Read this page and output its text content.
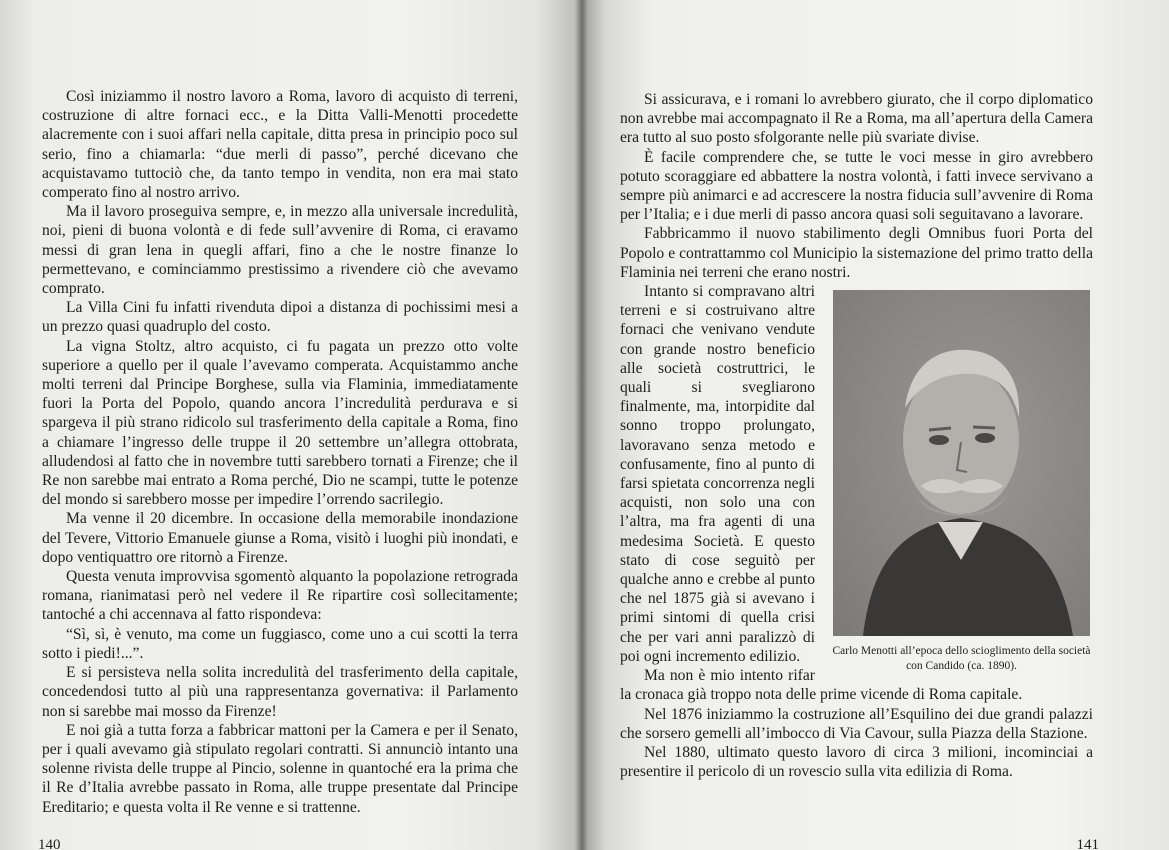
Così iniziammo il nostro lavoro a Roma, lavoro di acquisto di terreni, costruzione di altre fornaci ecc., e la Ditta Valli-Menotti procedette alacremente con i suoi affari nella capitale, ditta presa in principio poco sul serio, fino a chiamarla: “due merli di passo”, perché dicevano che acquistavamo tuttociò che, da tanto tempo in vendita, non era mai stato comperato fino al nostro arrivo.

Ma il lavoro proseguiva sempre, e, in mezzo alla universale incredulità, noi, pieni di buona volontà e di fede sull’avvenire di Roma, ci eravamo messi di gran lena in quegli affari, fino a che le nostre finanze lo permettevano, e cominciammo prestissimo a rivendere ciò che avevamo comprato.

La Villa Cini fu infatti rivenduta dipoi a distanza di pochissimi mesi a un prezzo quasi quadruplo del costo.

La vigna Stoltz, altro acquisto, ci fu pagata un prezzo otto volte superiore a quello per il quale l’avevamo comperata. Acquistammo anche molti terreni dal Principe Borghese, sulla via Flaminia, immediatamente fuori la Porta del Popolo, quando ancora l’incredulità perdurava e si spargeva il più strano ridicolo sul trasferimento della capitale a Roma, fino a chiamare l’ingresso delle truppe il 20 settembre un’allegra ottobrata, alludendosi al fatto che in novembre tutti sarebbero tornati a Firenze; che il Re non sarebbe mai entrato a Roma perché, Dio ne scampi, tutte le potenze del mondo si sarebbero mosse per impedire l’orrendo sacrilegio.

Ma venne il 20 dicembre. In occasione della memorabile inondazione del Tevere, Vittorio Emanuele giunse a Roma, visitò i luoghi più inondati, e dopo ventiquattro ore ritornò a Firenze.

Questa venuta improvvisa sgomentò alquanto la popolazione retrograda romana, rianimatasi però nel vedere il Re ripartire così sollecitamente; tantoché a chi accennava al fatto rispondeva:

“Sì, sì, è venuto, ma come un fuggiasco, come uno a cui scotti la terra sotto i piedi!...”.

E si persisteva nella solita incredulità del trasferimento della capitale, concedendosi tutto al più una rappresentanza governativa: il Parlamento non si sarebbe mai mosso da Firenze!

E noi già a tutta forza a fabbricar mattoni per la Camera e per il Senato, per i quali avevamo già stipulato regolari contratti. Si annunciò intanto una solenne rivista delle truppe al Pincio, solenne in quantoché era la prima che il Re d’Italia avrebbe passato in Roma, alle truppe presentate dal Principe Ereditario; e questa volta il Re venne e si trattenne.

140

Si assicurava, e i romani lo avrebbero giurato, che il corpo diplomatico non avrebbe mai accompagnato il Re a Roma, ma all’apertura della Camera era tutto al suo posto sfolgorante nelle più svariate divise.

È facile comprendere che, se tutte le voci messe in giro avrebbero potuto scoraggiare ed abbattere la nostra volontà, i fatti invece servivano a sempre più animarci e ad accrescere la nostra fiducia sull’avvenire di Roma per l’Italia; e i due merli di passo ancora quasi soli seguitavano a lavorare.

Fabbricammo il nuovo stabilimento degli Omnibus fuori Porta del Popolo e contrattammo col Municipio la sistemazione del primo tratto della Flaminia nei terreni che erano nostri.

Carlo Menotti all’epoca dello scioglimento della società con Candido (ca. 1890).

Intanto si compravano altri terreni e si costruivano altre fornaci che venivano vendute con grande nostro beneficio alle società costruttrici, le quali si svegliarono finalmente, ma, intorpidite dal sonno troppo prolungato, lavoravano senza metodo e confusamente, fino al punto di farsi spietata concorrenza negli acquisti, non solo una con l’altra, ma fra agenti di una medesima Società. E questo stato di cose seguitò per qualche anno e crebbe al punto che nel 1875 già si avevano i primi sintomi di quella crisi che per vari anni paralizzò di poi ogni incremento edilizio.

Ma non è mio intento rifar la cronaca già troppo nota delle prime vicende di Roma capitale.

Nel 1876 iniziammo la costruzione all’Esquilino dei due grandi palazzi che sorsero gemelli all’imbocco di Via Cavour, sulla Piazza della Stazione.

Nel 1880, ultimato questo lavoro di circa 3 milioni, incominciai a presentire il pericolo di un rovescio sulla vita edilizia di Roma.

141
